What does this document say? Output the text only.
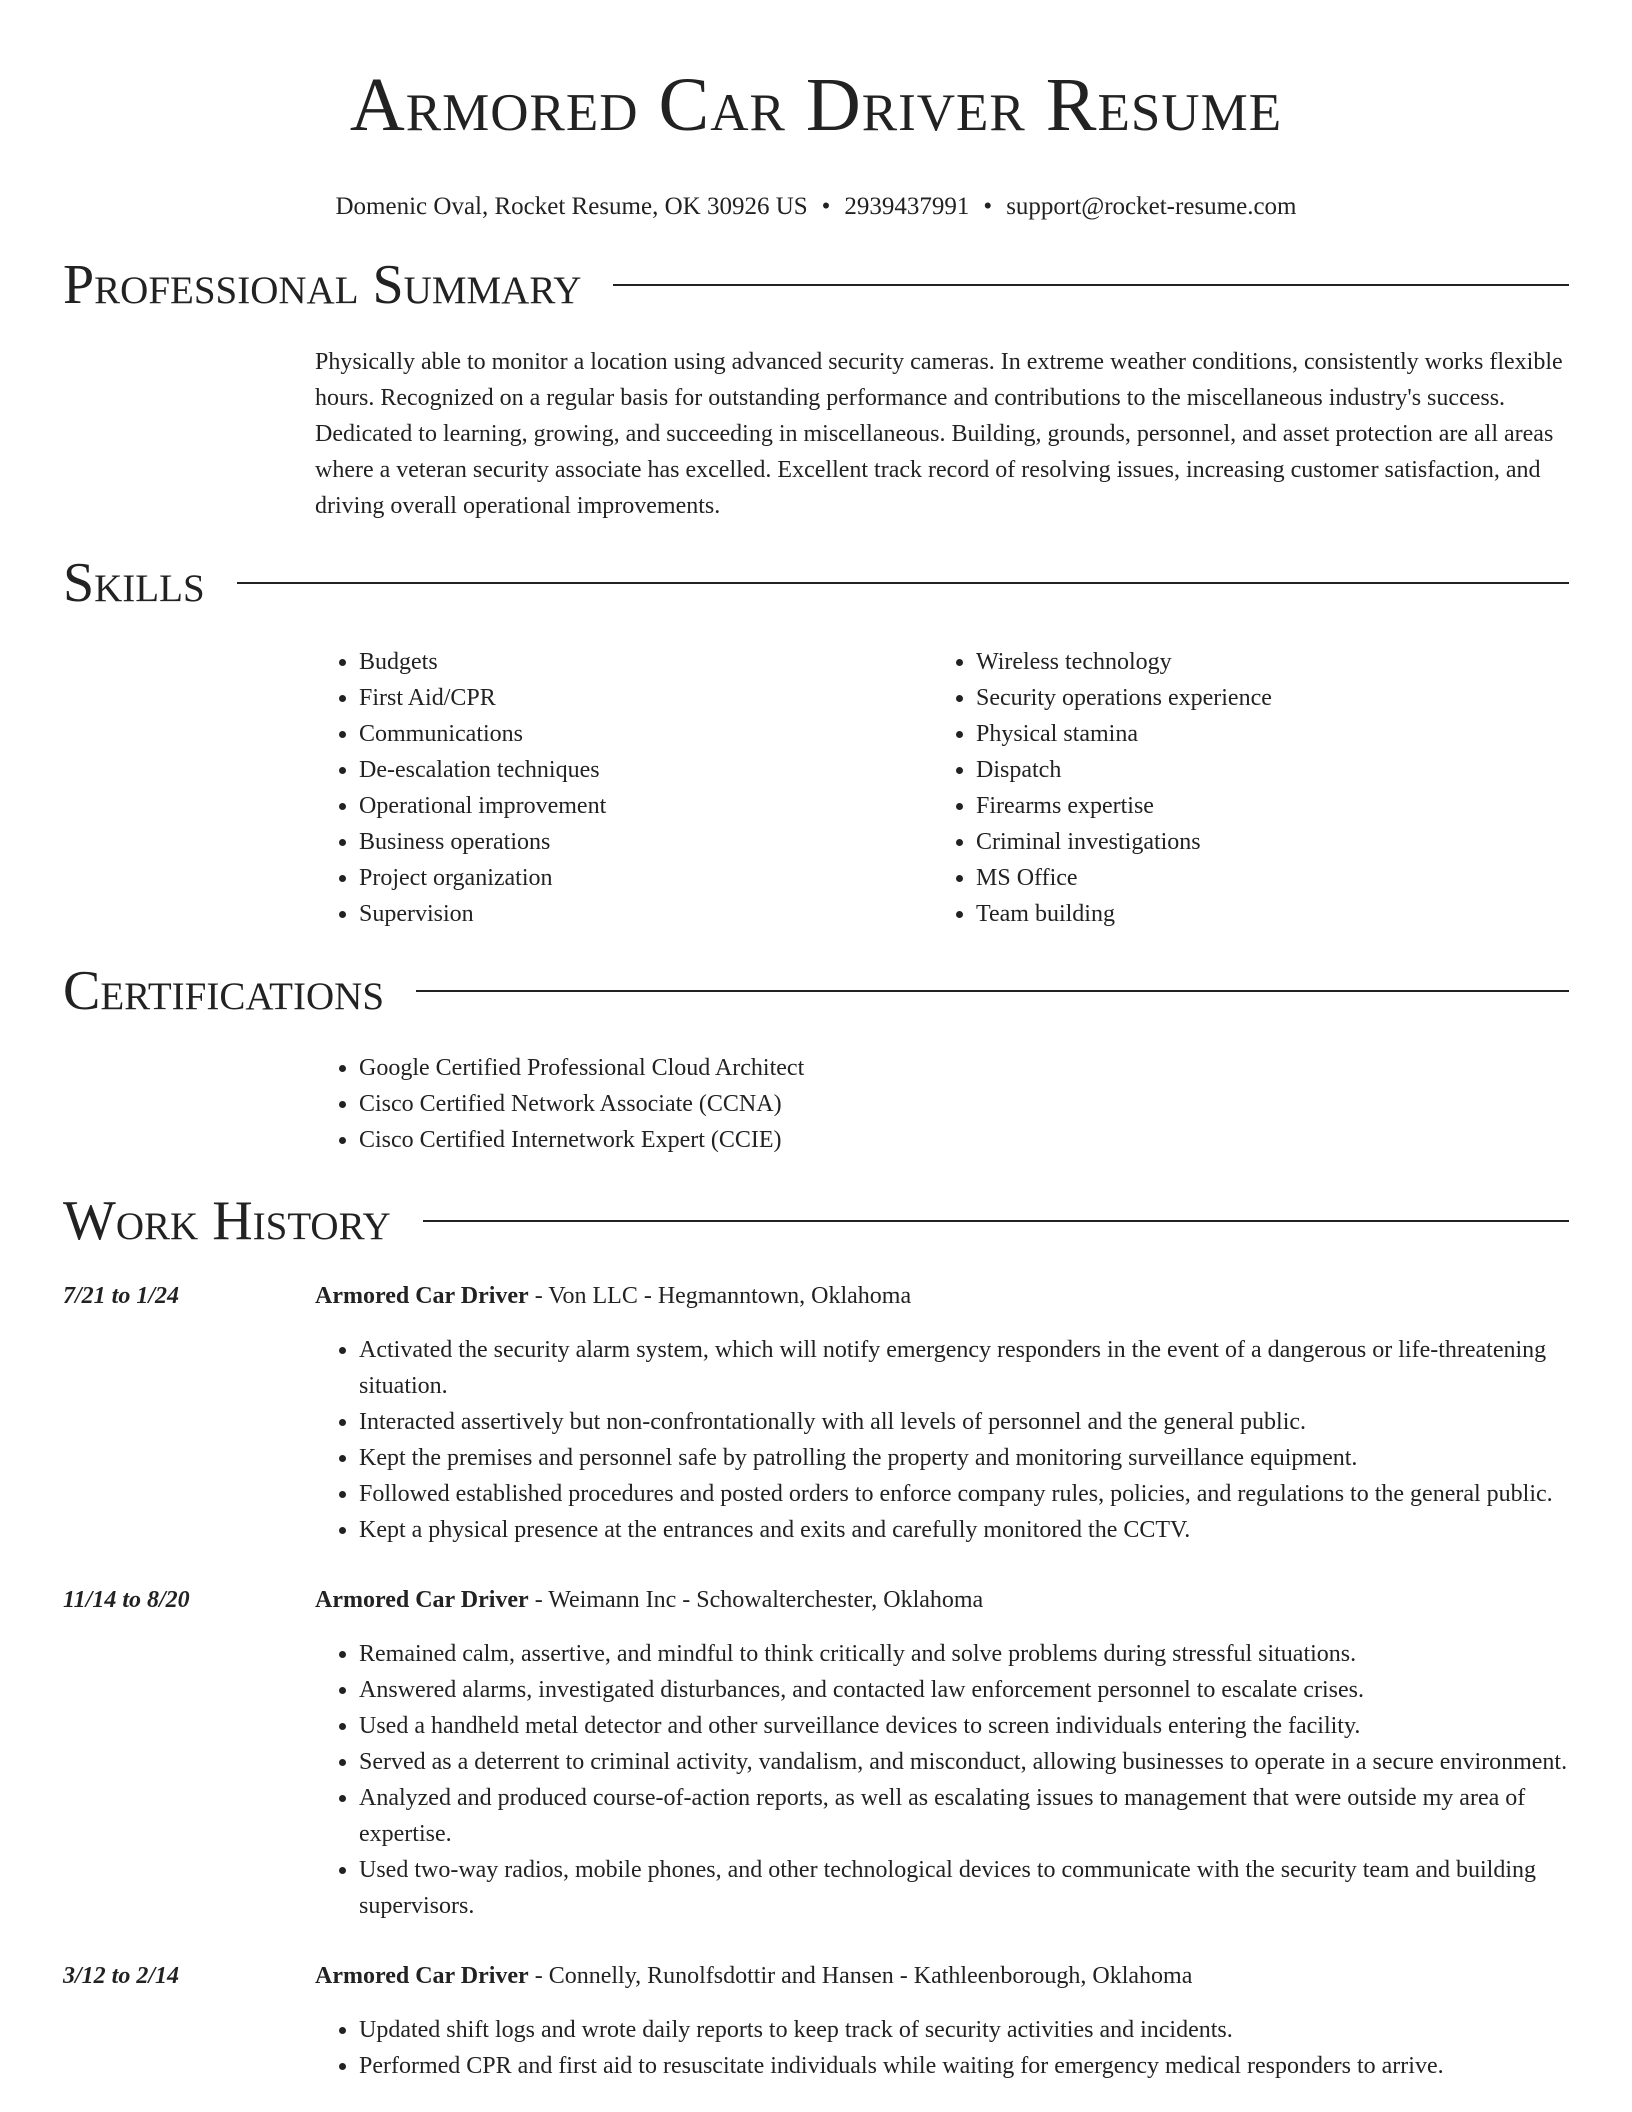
Armored Car Driver Resume
Domenic Oval, Rocket Resume, OK 30926 US • 2939437991 • support@rocket-resume.com
Professional Summary

Physically able to monitor a location using advanced security cameras. In extreme weather conditions, consistently works flexible hours. Recognized on a regular basis for outstanding performance and contributions to the miscellaneous industry's success. Dedicated to learning, growing, and succeeding in miscellaneous. Building, grounds, personnel, and asset protection are all areas where a veteran security associate has excelled. Excellent track record of resolving issues, increasing customer satisfaction, and driving overall operational improvements.

Skills
• Budgets
• First Aid/CPR
• Communications
• De-escalation techniques
• Operational improvement
• Business operations
• Project organization
• Supervision
• Wireless technology
• Security operations experience
• Physical stamina
• Dispatch
• Firearms expertise
• Criminal investigations
• MS Office
• Team building
Certifications
• Google Certified Professional Cloud Architect
• Cisco Certified Network Associate (CCNA)
• Cisco Certified Internetwork Expert (CCIE)
Work History
7/21 to 1/24	Armored Car Driver - Von LLC - Hegmanntown, Oklahoma

• Activated the security alarm system, which will notify emergency responders in the event of a dangerous or life-threatening situation.
• Interacted assertively but non-confrontationally with all levels of personnel and the general public.
• Kept the premises and personnel safe by patrolling the property and monitoring surveillance equipment.
• Followed established procedures and posted orders to enforce company rules, policies, and regulations to the general public.
• Kept a physical presence at the entrances and exits and carefully monitored the CCTV.
11/14 to 8/20	Armored Car Driver - Weimann Inc - Schowalterchester, Oklahoma

• Remained calm, assertive, and mindful to think critically and solve problems during stressful situations.
• Answered alarms, investigated disturbances, and contacted law enforcement personnel to escalate crises.
• Used a handheld metal detector and other surveillance devices to screen individuals entering the facility.
• Served as a deterrent to criminal activity, vandalism, and misconduct, allowing businesses to operate in a secure environment.
• Analyzed and produced course-of-action reports, as well as escalating issues to management that were outside my area of expertise.
• Used two-way radios, mobile phones, and other technological devices to communicate with the security team and building supervisors.
3/12 to 2/14	Armored Car Driver - Connelly, Runolfsdottir and Hansen - Kathleenborough, Oklahoma

• Updated shift logs and wrote daily reports to keep track of security activities and incidents.
• Performed CPR and first aid to resuscitate individuals while waiting for emergency medical responders to arrive.
